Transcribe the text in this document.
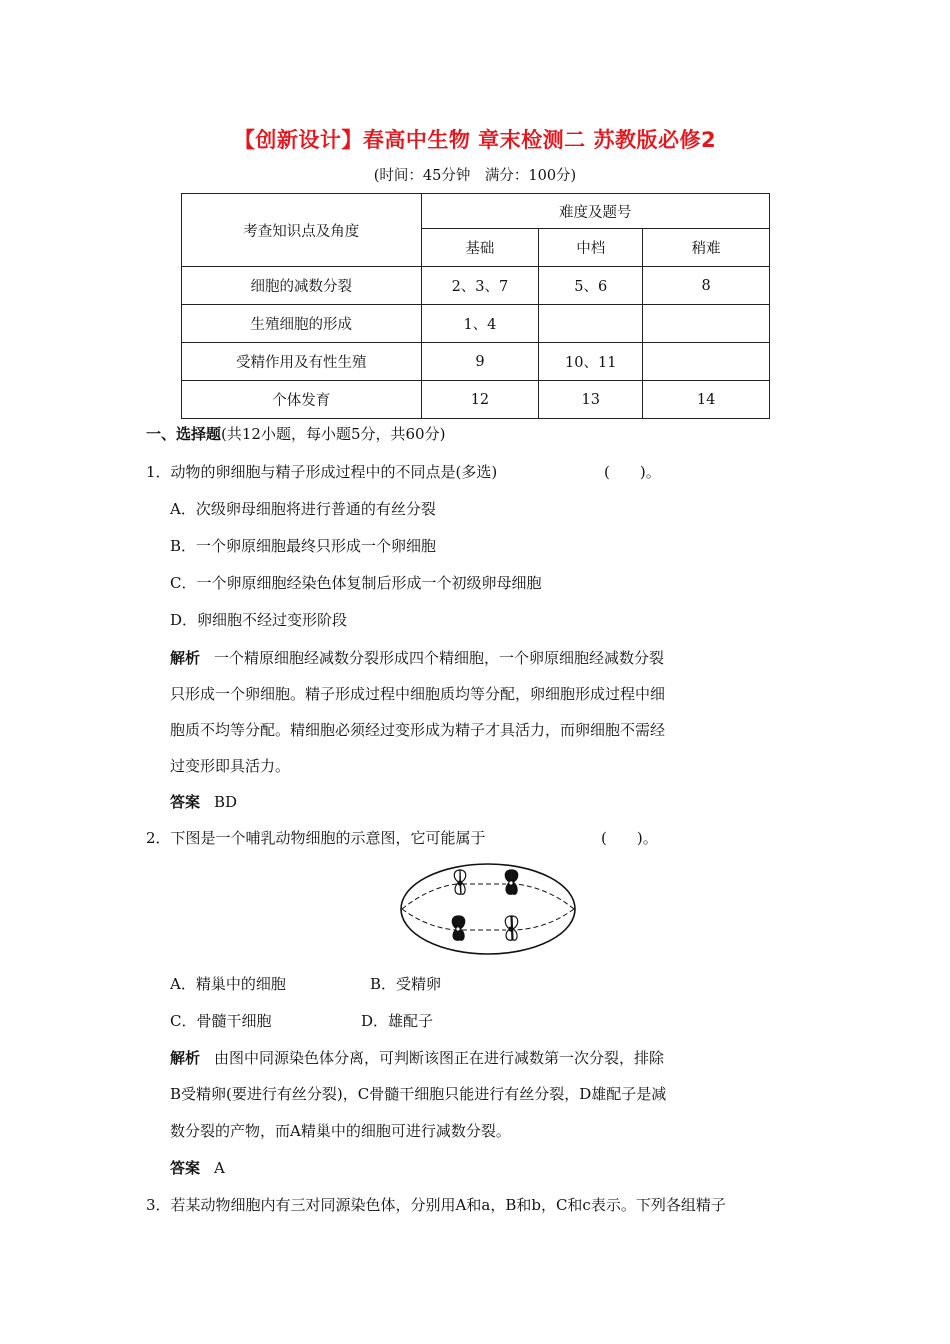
【创新设计】春高中生物 章末检测二 苏教版必修2
(时间：45分钟　满分：100分)
考查知识点及角度	难度及题号		
	基础	中档	稍难
细胞的减数分裂	2、3、7	5、6	8
生殖细胞的形成	1、4		
受精作用及有性生殖	9	10、11	
个体发育	12	13	14
一、选择题(共12小题，每小题5分，共60分)
1．动物的卵细胞与精子形成过程中的不同点是(多选)	(　　)。
A．次级卵母细胞将进行普通的有丝分裂
B．一个卵原细胞最终只形成一个卵细胞
C．一个卵原细胞经染色体复制后形成一个初级卵母细胞
D．卵细胞不经过变形阶段
解析 一个精原细胞经减数分裂形成四个精细胞，一个卵原细胞经减数分裂
只形成一个卵细胞。精子形成过程中细胞质均等分配，卵细胞形成过程中细
胞质不均等分配。精细胞必须经过变形成为精子才具活力，而卵细胞不需经
过变形即具活力。
答案 BD
2．下图是一个哺乳动物细胞的示意图，它可能属于	(　　)。
A．精巢中的细胞	B．受精卵
C．骨髓干细胞	D．雄配子
解析 由图中同源染色体分离，可判断该图正在进行减数第一次分裂，排除
B受精卵(要进行有丝分裂)，C骨髓干细胞只能进行有丝分裂，D雄配子是减
数分裂的产物，而A精巢中的细胞可进行减数分裂。
答案 A
3．若某动物细胞内有三对同源染色体，分别用A和a，B和b，C和c表示。下列各组精子
